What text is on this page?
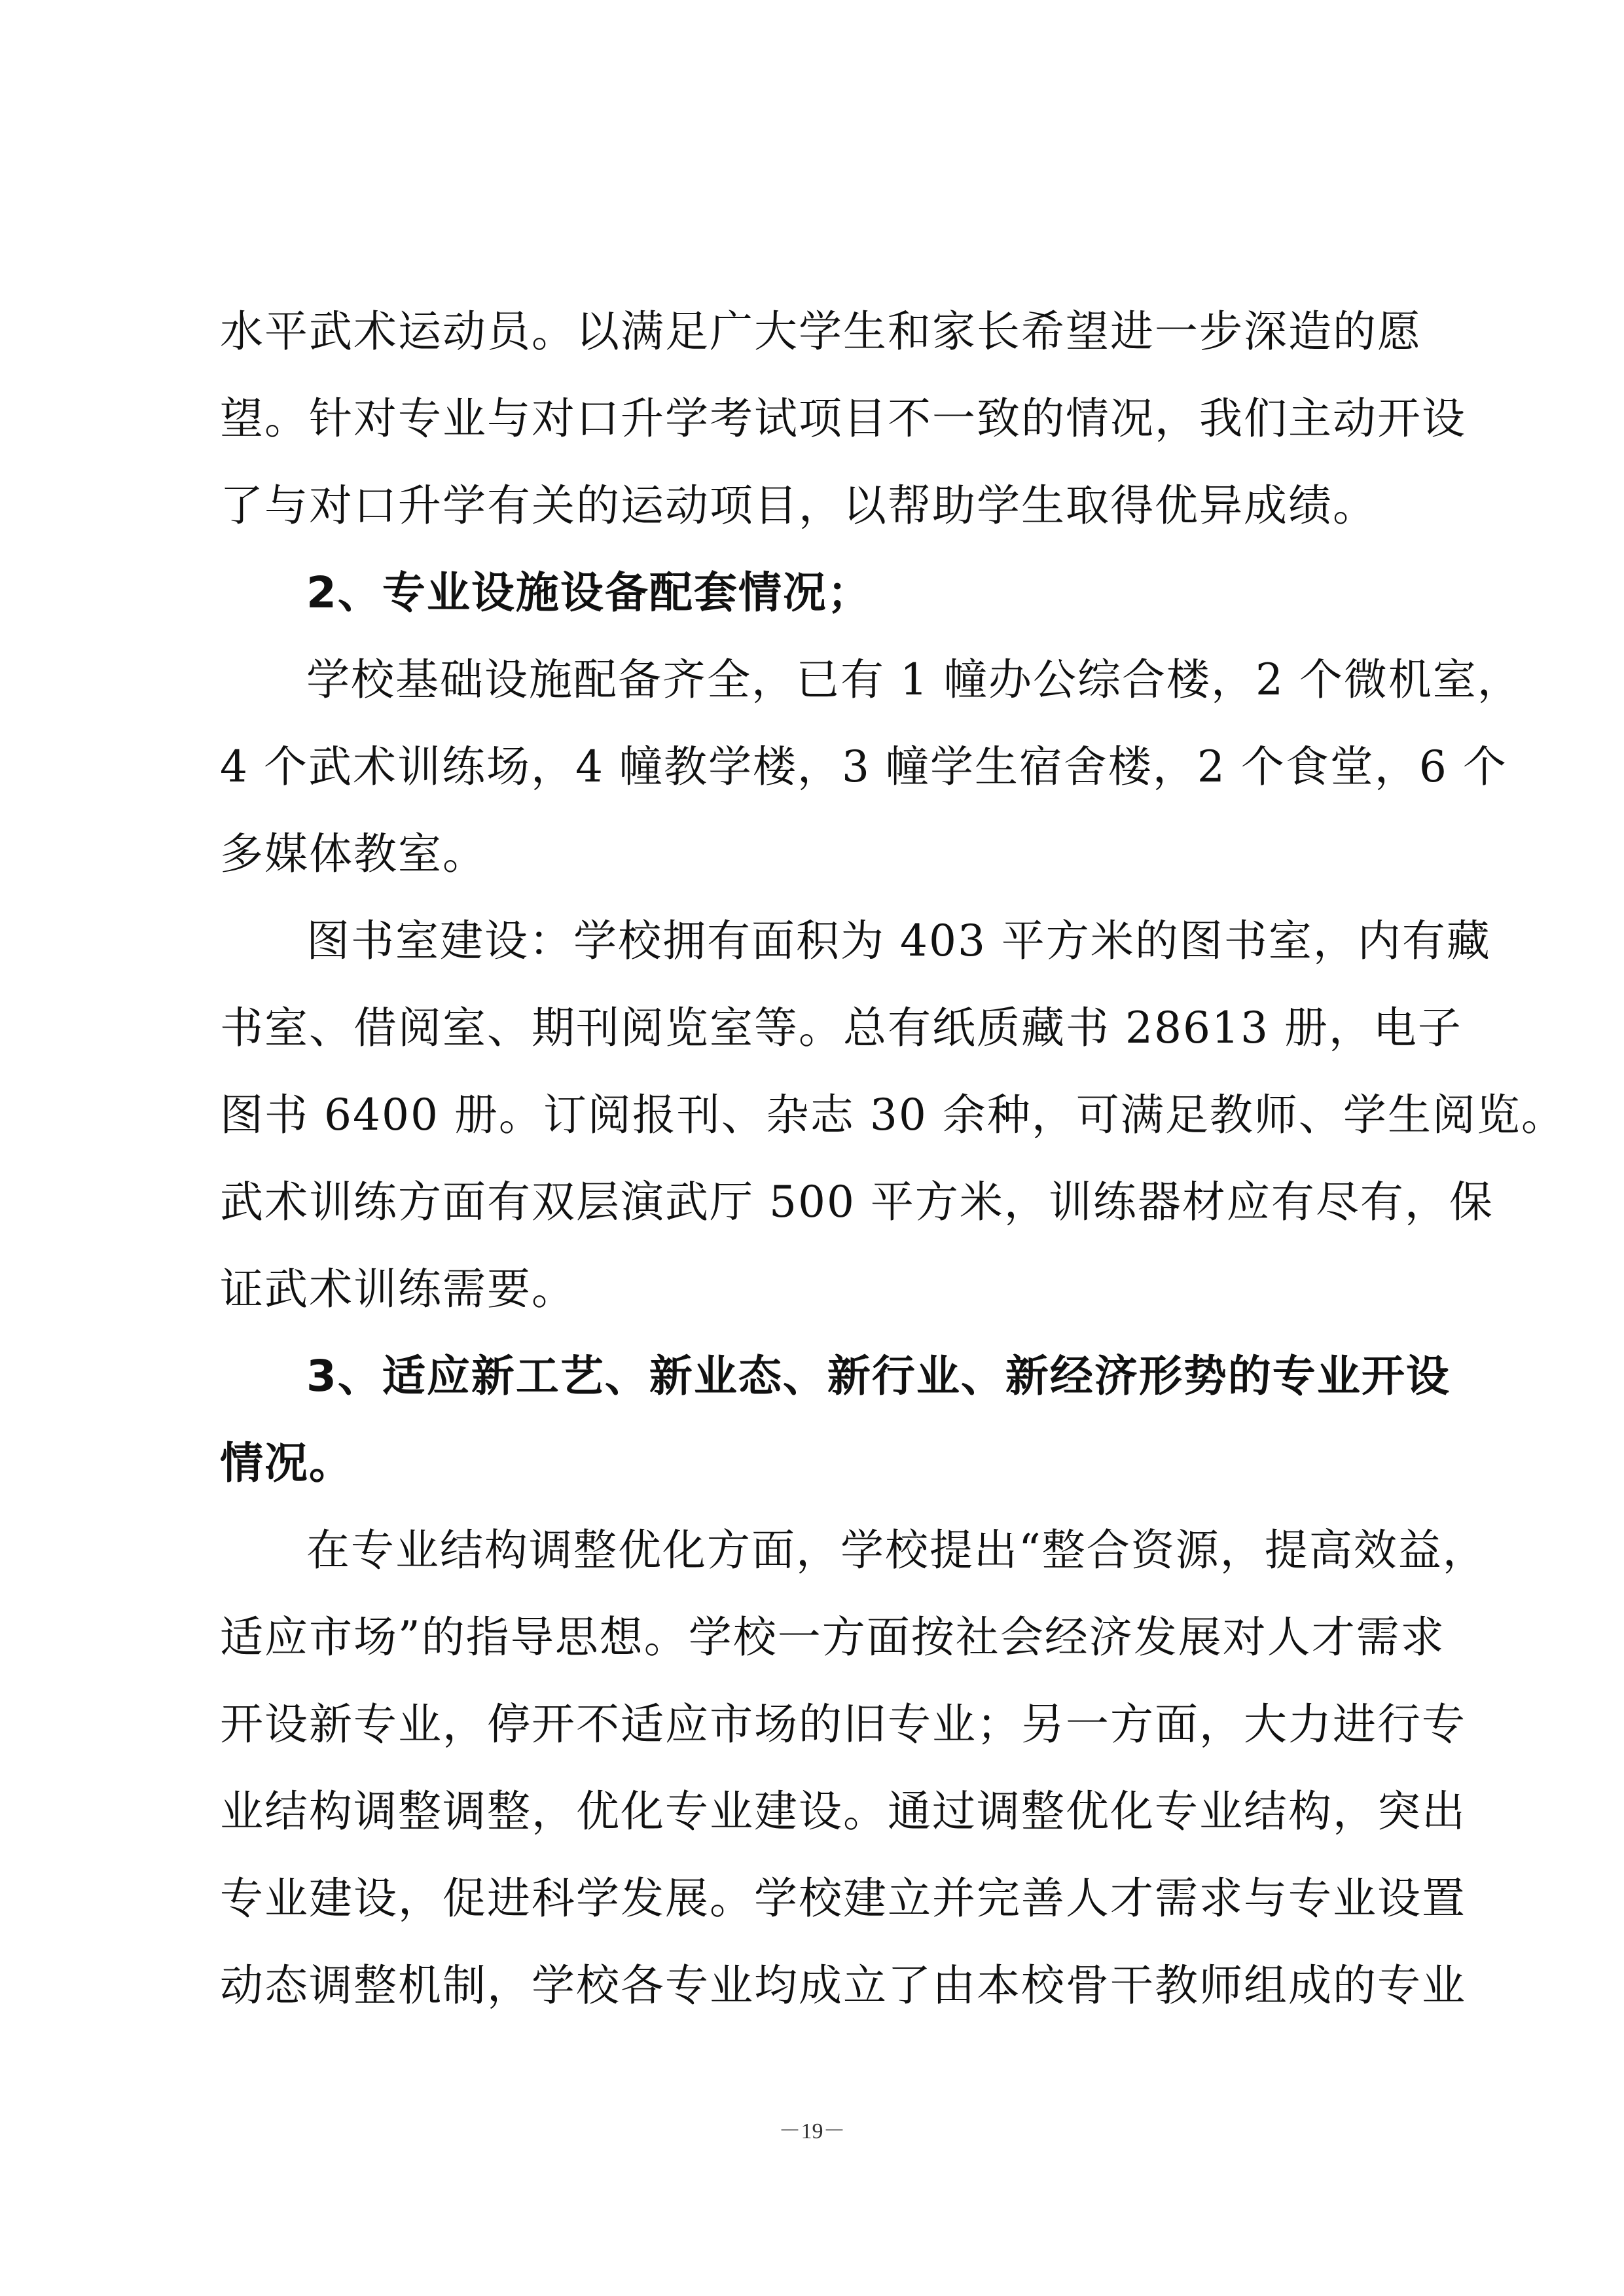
水平武术运动员。以满足广大学生和家长希望进一步深造的愿
望。针对专业与对口升学考试项目不一致的情况，我们主动开设
了与对口升学有关的运动项目，以帮助学生取得优异成绩。
2、专业设施设备配套情况；
学校基础设施配备齐全，已有 1 幢办公综合楼，2 个微机室，
4 个武术训练场，4 幢教学楼，3 幢学生宿舍楼，2 个食堂，6 个
多媒体教室。
图书室建设：学校拥有面积为 403 平方米的图书室，内有藏
书室、借阅室、期刊阅览室等。总有纸质藏书 28613 册，电子
图书 6400 册。订阅报刊、杂志 30 余种，可满足教师、学生阅览。
武术训练方面有双层演武厅 500 平方米，训练器材应有尽有，保
证武术训练需要。
3、适应新工艺、新业态、新行业、新经济形势的专业开设
情况。
在专业结构调整优化方面，学校提出“整合资源，提高效益，
适应市场”的指导思想。学校一方面按社会经济发展对人才需求
开设新专业，停开不适应市场的旧专业；另一方面，大力进行专
业结构调整调整，优化专业建设。通过调整优化专业结构，突出
专业建设，促进科学发展。学校建立并完善人才需求与专业设置
动态调整机制，学校各专业均成立了由本校骨干教师组成的专业
－19－
